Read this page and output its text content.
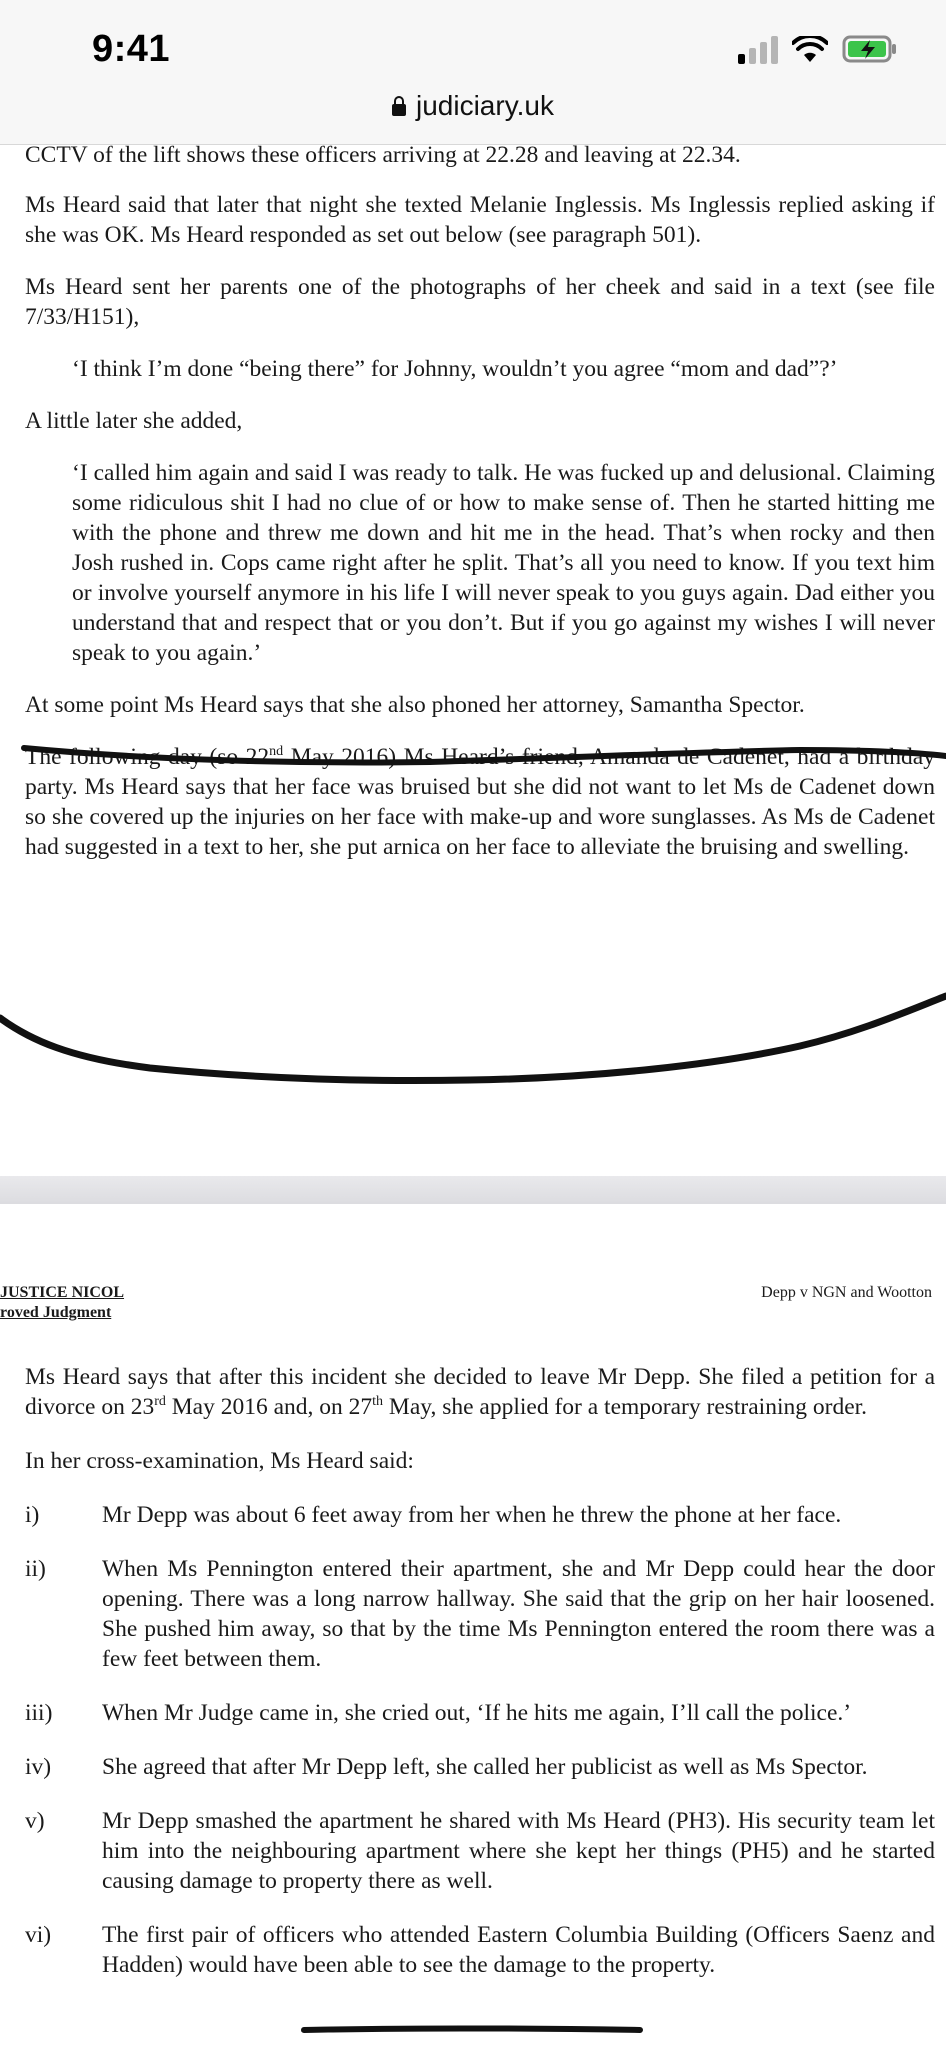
9:41
judiciary.uk

CCTV of the lift shows these officers arriving at 22.28 and leaving at 22.34.

Ms Heard said that later that night she texted Melanie Inglessis. Ms Inglessis replied asking if she was OK. Ms Heard responded as set out below (see paragraph 501).

Ms Heard sent her parents one of the photographs of her cheek and said in a text (see file 7/33/H151),

‘I think I’m done “being there” for Johnny, wouldn’t you agree “mom and dad”?’

A little later she added,

‘I called him again and said I was ready to talk. He was fucked up and delusional. Claiming some ridiculous shit I had no clue of or how to make sense of. Then he started hitting me with the phone and threw me down and hit me in the head. That’s when rocky and then Josh rushed in. Cops came right after he split. That’s all you need to know. If you text him or involve yourself anymore in his life I will never speak to you guys again. Dad either you understand that and respect that or you don’t. But if you go against my wishes I will never speak to you again.’

At some point Ms Heard says that she also phoned her attorney, Samantha Spector.

The following day (so 22nd May 2016) Ms Heard’s friend, Amanda de Cadenet, had a birthday party. Ms Heard says that her face was bruised but she did not want to let Ms de Cadenet down so she covered up the injuries on her face with make-up and wore sunglasses. As Ms de Cadenet had suggested in a text to her, she put arnica on her face to alleviate the bruising and swelling.

JUSTICE NICOL
roved Judgment
Depp v NGN and Wootton

Ms Heard says that after this incident she decided to leave Mr Depp. She filed a petition for a divorce on 23rd May 2016 and, on 27th May, she applied for a temporary restraining order.

In her cross-examination, Ms Heard said:

i)	Mr Depp was about 6 feet away from her when he threw the phone at her face.
ii)	When Ms Pennington entered their apartment, she and Mr Depp could hear the door opening. There was a long narrow hallway. She said that the grip on her hair loosened. She pushed him away, so that by the time Ms Pennington entered the room there was a few feet between them.
iii)	When Mr Judge came in, she cried out, ‘If he hits me again, I’ll call the police.’
iv)	She agreed that after Mr Depp left, she called her publicist as well as Ms Spector.
v)	Mr Depp smashed the apartment he shared with Ms Heard (PH3). His security team let him into the neighbouring apartment where she kept her things (PH5) and he started causing damage to property there as well.
vi)	The first pair of officers who attended Eastern Columbia Building (Officers Saenz and Hadden) would have been able to see the damage to the property.
